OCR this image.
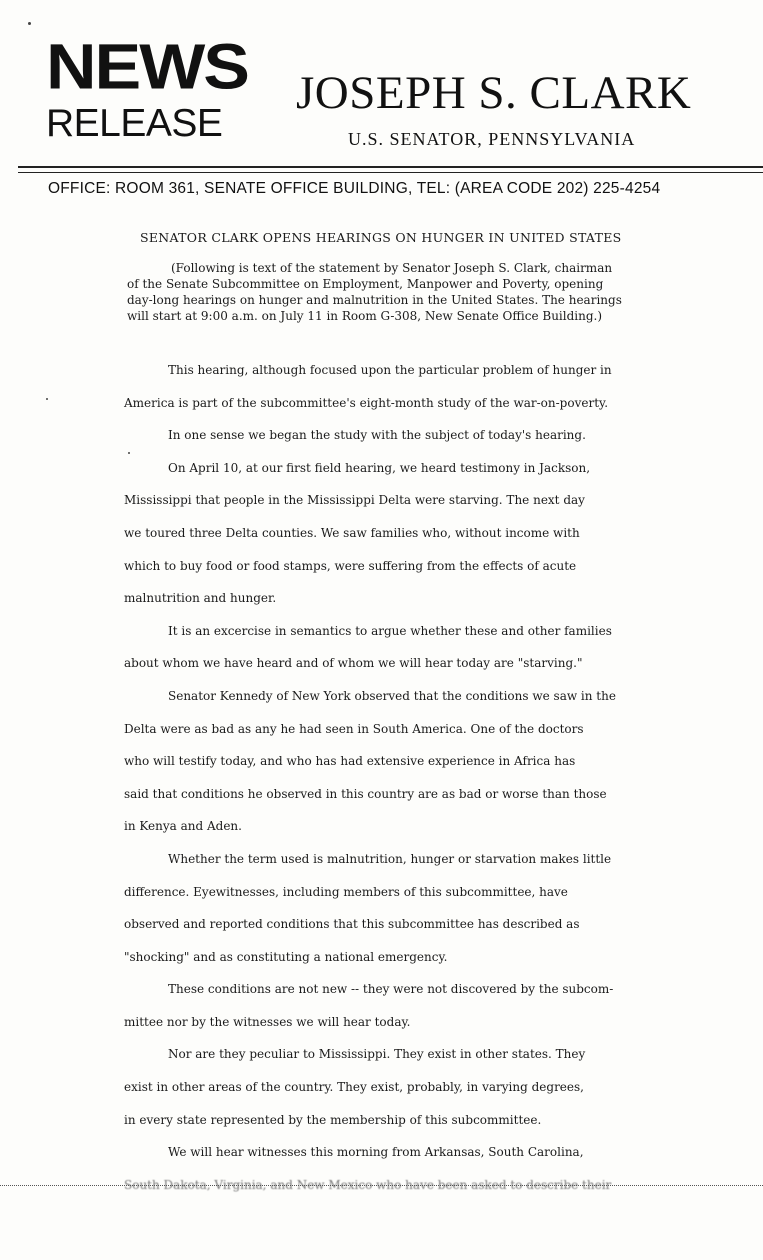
NEWS
RELEASE
JOSEPH S. CLARK
U.S. SENATOR, PENNSYLVANIA
OFFICE: ROOM 361, SENATE OFFICE BUILDING, TEL: (AREA CODE 202) 225-4254
SENATOR CLARK OPENS HEARINGS ON HUNGER IN UNITED STATES
(Following is text of the statement by Senator Joseph S. Clark, chairman
of the Senate Subcommittee on Employment, Manpower and Poverty, opening
day-long hearings on hunger and malnutrition in the United States. The hearings
will start at 9:00 a.m. on July 11 in Room G-308, New Senate Office Building.)
This hearing, although focused upon the particular problem of hunger in
America is part of the subcommittee's eight-month study of the war-on-poverty.
In one sense we began the study with the subject of today's hearing.
On April 10, at our first field hearing, we heard testimony in Jackson,
Mississippi that people in the Mississippi Delta were starving. The next day
we toured three Delta counties. We saw families who, without income with
which to buy food or food stamps, were suffering from the effects of acute
malnutrition and hunger.
It is an excercise in semantics to argue whether these and other families
about whom we have heard and of whom we will hear today are "starving."
Senator Kennedy of New York observed that the conditions we saw in the
Delta were as bad as any he had seen in South America. One of the doctors
who will testify today, and who has had extensive experience in Africa has
said that conditions he observed in this country are as bad or worse than those
in Kenya and Aden.
Whether the term used is malnutrition, hunger or starvation makes little
difference. Eyewitnesses, including members of this subcommittee, have
observed and reported conditions that this subcommittee has described as
"shocking" and as constituting a national emergency.
These conditions are not new -- they were not discovered by the subcom-
mittee nor by the witnesses we will hear today.
Nor are they peculiar to Mississippi. They exist in other states. They
exist in other areas of the country. They exist, probably, in varying degrees,
in every state represented by the membership of this subcommittee.
We will hear witnesses this morning from Arkansas, South Carolina,
South Dakota, Virginia, and New Mexico who have been asked to describe their
